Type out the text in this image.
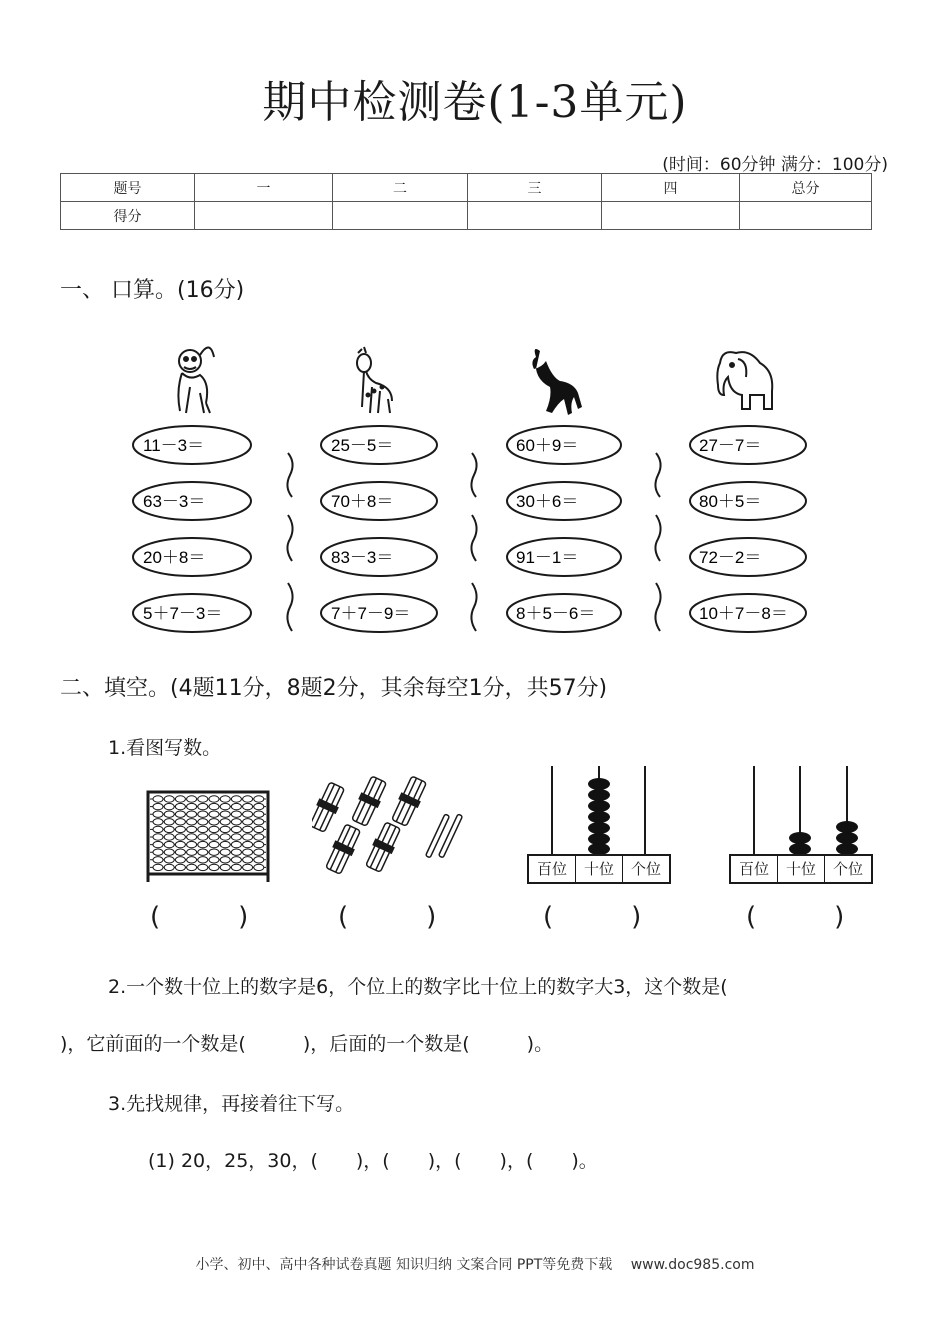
期中检测卷(1-3单元)
(时间：60分钟 满分：100分)
题号	一	二	三	四	总分
得分					
一、 口算。(16分)
11－3＝
63－3＝
20＋8＝
5＋7－3＝
25－5＝
70＋8＝
83－3＝
7＋7－9＝
60＋9＝
30＋6＝
91－1＝
8＋5－6＝
27－7＝
80＋5＝
72－2＝
10＋7－8＝
二、填空。(4题11分，8题2分，其余每空1分，共57分)
1.看图写数。
百位	十位	个位	百位	十位	个位
(　　　)	(　　　)	(　　　)	(　　　)
2.一个数十位上的数字是6，个位上的数字比十位上的数字大3，这个数是(
)，它前面的一个数是(　　　)，后面的一个数是(　　　)。
3.先找规律，再接着往下写。
(1) 20，25，30，(　　)，(　　)，(　　)，(　　)。
小学、初中、高中各种试卷真题 知识归纳 文案合同 PPT等免费下载　 www.doc985.com
